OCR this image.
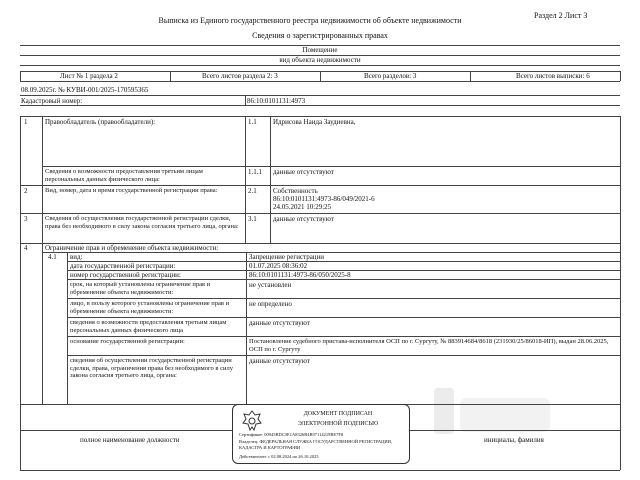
Раздел 2 Лист 3
Выписка из Единого государственного реестра недвижимости об объекте недвижимости
Сведения о зарегистрированных правах
Помещение
вид объекта недвижимости
Лист № 1 раздела 2	Всего листов раздела 2: 3	Всего разделов: 3	Всего листов выписки: 6
08.09.2025г. № КУВИ-001/2025-170595365
Кадастровый номер:	86:10:0101131:4973
1	Правообладатель (правообладатели):	1.1 Идрисова Наида Заудиевна,
Сведения о возможности предоставления третьим лицам персональных данных физического лица:
1.1.1 данные отсутствуют
2	Вид, номер, дата и время государственной регистрации права:	2.1 Собственность
86:10:0101131:4973-86/049/2021-6
24.05.2021 10:29:25
3	Сведения об осуществлении государственной регистрации сделки, права без необходимого в силу закона согласия третьего лица, органа:
3.1 данные отсутствуют
4	Ограничение прав и обременение объекта недвижимости:
4.1 вид:	Запрещение регистрации
дата государственной регистрации:	01.07.2025 08:36:02
номер государственной регистрации:	86:10:0101131:4973-86/050/2025-8
срок, на который установлены ограничение прав и обременение объекта недвижимости:
не установлен
лицо, в пользу которого установлены ограничение прав и обременение объекта недвижимости:
не определено
сведения о возможности предоставления третьим лицам персональных данных физического лица
данные отсутствуют
основание государственной регистрации:	Постановление судебного пристава-исполнителя ОСП по г. Сургуту, № 883914684/8618 (231930/25/86018-ИП), выдан 28.06.2025, ОСП по г. Сургуту
сведения об осуществлении государственной регистрации сделки, права, ограничения права без необходимого в силу закона согласия третьего лица, органа:
данные отсутствуют
полное наименование должности	инициалы, фамилия
ДОКУМЕНТ ПОДПИСАН
ЭЛЕКТРОННОЙ ПОДПИСЬЮ
Сертификат: 00945BDC3E1A8326B4B97114219BE7F8
Владелец: ФЕДЕРАЛЬНАЯ СЛУЖБА ГОСУДАРСТВЕННОЙ РЕГИСТРАЦИИ, КАДАСТРА И КАРТОГРАФИИ
Действителен: с 02.08.2024 по 26.10.2025
